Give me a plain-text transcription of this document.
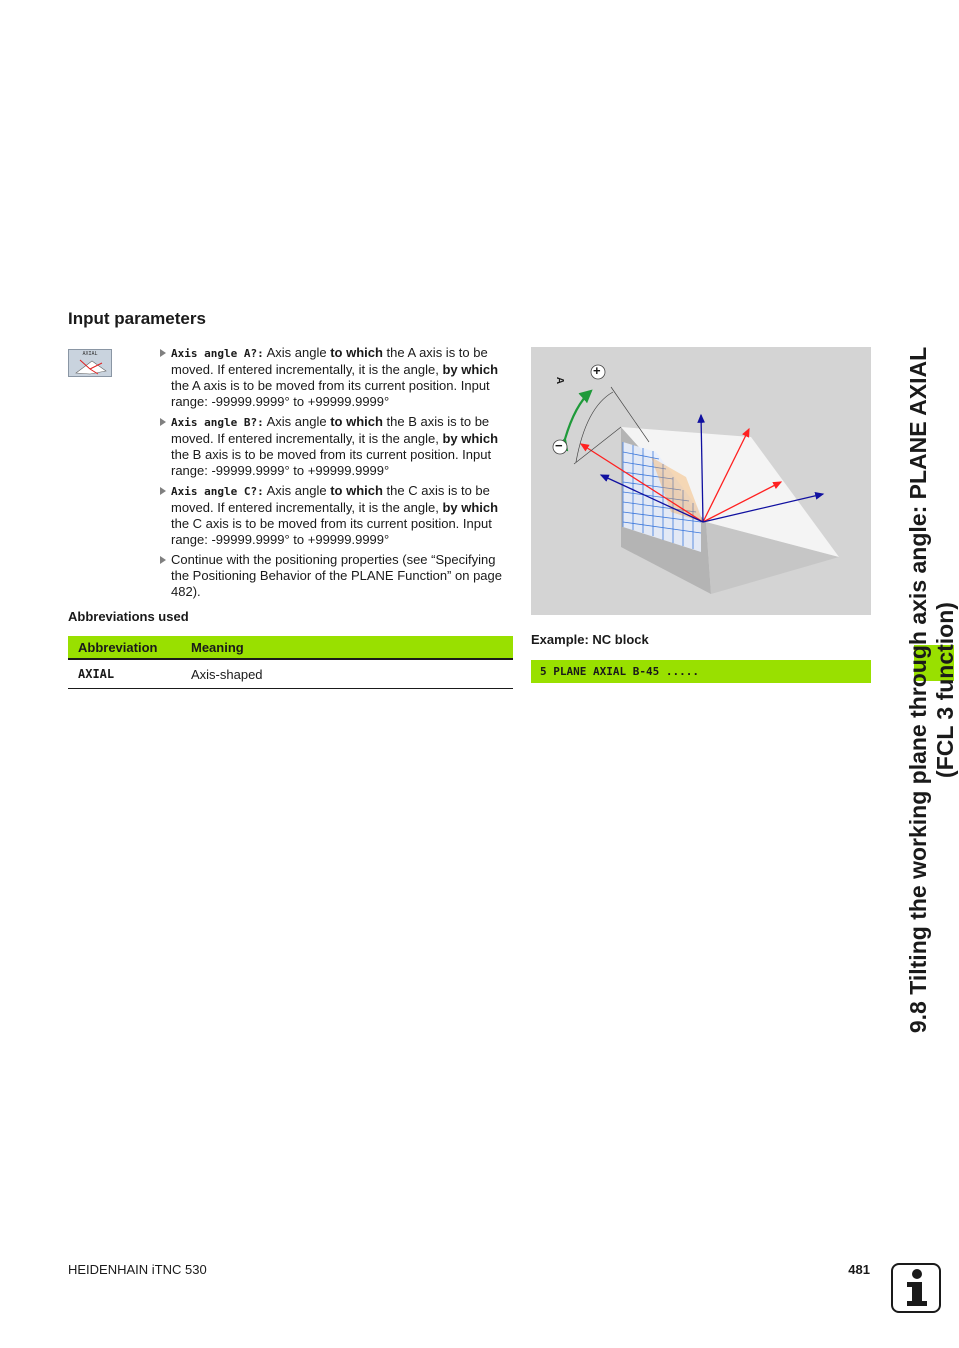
Input parameters
AXIAL	Axis angle A?: Axis angle to which the A axis is to be moved. If entered incrementally, it is the angle, by which the A axis is to be moved from its current position. Input range: -99999.9999° to +99999.9999°
Axis angle B?: Axis angle to which the B axis is to be moved. If entered incrementally, it is the angle, by which the B axis is to be moved from its current position. Input range: -99999.9999° to +99999.9999°
Axis angle C?: Axis angle to which the C axis is to be moved. If entered incrementally, it is the angle, by which the C axis is to be moved from its current position. Input range: -99999.9999° to +99999.9999°
Continue with the positioning properties (see “Specifying the Positioning Behavior of the PLANE Function” on page 482).
Abbreviations used
Abbreviation	Meaning
AXIAL	Axis-shaped
+
−
A
Example: NC block
5 PLANE AXIAL B-45 .....	9.8 Tilting the working plane through axis angle: PLANE AXIAL (FCL 3 function)
HEIDENHAIN iTNC 530	481
